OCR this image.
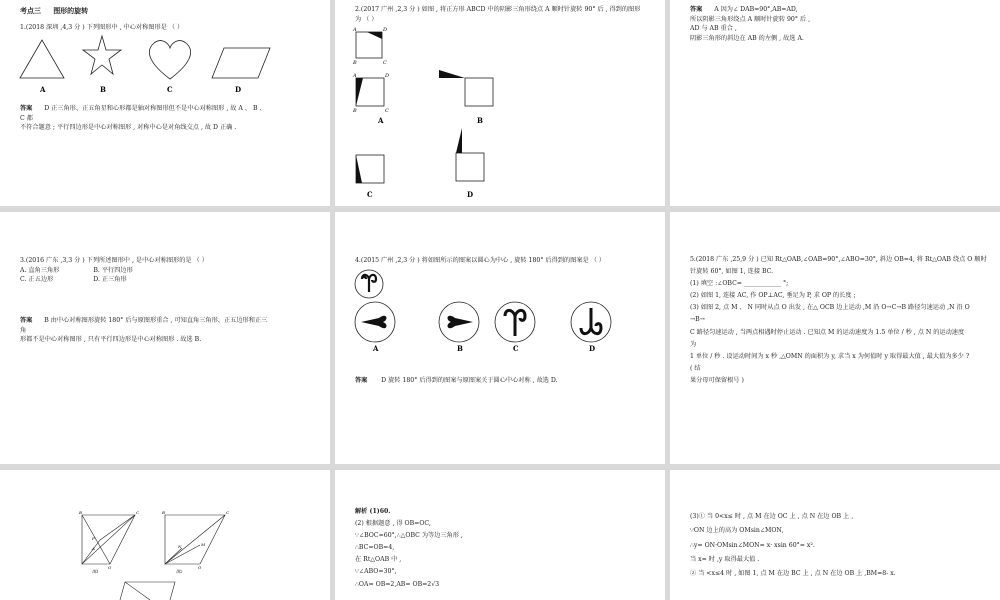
考点三 图形的旋转
1.(2018 深圳 ,4,3 分 ) 下列图形中 , 中心对称图形是 （ ）
A	B	C	D
答案 D 正三角形、正五角星和心形都是轴对称图形但不是中心对称图形 , 故 A 、 B 、
C 都
不符合题意 ; 平行四边形是中心对称图形 , 对称中心是对角线交点 , 故 D 正确 .
2.(2017 广州 ,2,3 分 ) 如图 , 将正方形 ABCD 中的阴影三角形绕点 A 顺时针旋转 90° 后 , 得到的图形
为 （ ）
A	D
B	C
A	D
B	C
A	B
C	D
答案 A 因为∠ DAB=90°,AB=AD,
所以阴影三角形绕点 A 顺时针旋转 90° 后 ,
AD 与 AB 重合 ,
阴影三角形的斜边在 AB 的左侧 , 故选 A.
3.(2016 广东 ,3,3 分 ) 下列所述图形中 , 是中心对称图形的是 （ ）
A. 直角三角形	B. 平行四边形
C. 正五边形	D. 正三角形
答案 B 由中心对称图形旋转 180° 后与原图形重合 , 可知直角三角形、正五边形和正三
角
形都不是中心对称图形 , 只有平行四边形是中心对称图形 . 故选 B.
4.(2015 广州 ,2,3 分 ) 将如图所示的图案以圆心为中心 , 旋转 180° 后得到的图案是 （ ）
A	B	C	D
答案 D 旋转 180° 后得到的图案与原图案关于圆心中心对称 , 故选 D.
5.(2018 广东 ,25,9 分 ) 已知 Rt△OAB,∠OAB=90°,∠ABO=30°, 斜边 OB=4, 将 Rt△OAB 绕点 O 顺时
针旋转 60°, 如图 1, 连接 BC.
(1) 填空 :∠OBC= ____________ °;
(2) 如图 1, 连接 AC, 作 OP⊥AC, 垂足为 P, 求 OP 的长度 ;
(3) 如图 2, 点 M 、 N 同时从点 O 出发 , 在△ OCB 边上运动 ,M 沿 O→C→B 路径匀速运动 ,N 沿 O
→B→
C 路径匀速运动 , 当两点相遇时停止运动 . 已知点 M 的运动速度为 1.5 单位 / 秒 , 点 N 的运动速度
为
1 单位 / 秒 . 设运动时间为 x 秒 ,△OMN 的面积为 y, 求当 x 为何值时 y 取得最大值 , 最大值为多少 ?
( 结
果分母可保留根号 )
B	C
P
A
O
图1
B	C
M
N
O
图2
解析 (1)60.
(2) 根据题意 , 得 OB=OC,
∵∠BOC=60°,∴△OBC 为等边三角形 ,
∴BC=OB=4,
在 Rt△OAB 中 ,
∵∠ABO=30°,
∴OA= OB=2,AB= OB=2√3
(3)① 当 0<x≤ 时 , 点 M 在边 OC 上 , 点 N 在边 OB 上 ,
∵ON 边上的高为 OMsin∠MON,
∴y= ON·OMsin∠MON= x· xsin 60°= x².
当 x= 时 ,y 取得最大值 .
② 当 <x≤4 时 , 如图 1, 点 M 在边 BC 上 , 点 N 在边 OB 上 ,BM=8- x.
